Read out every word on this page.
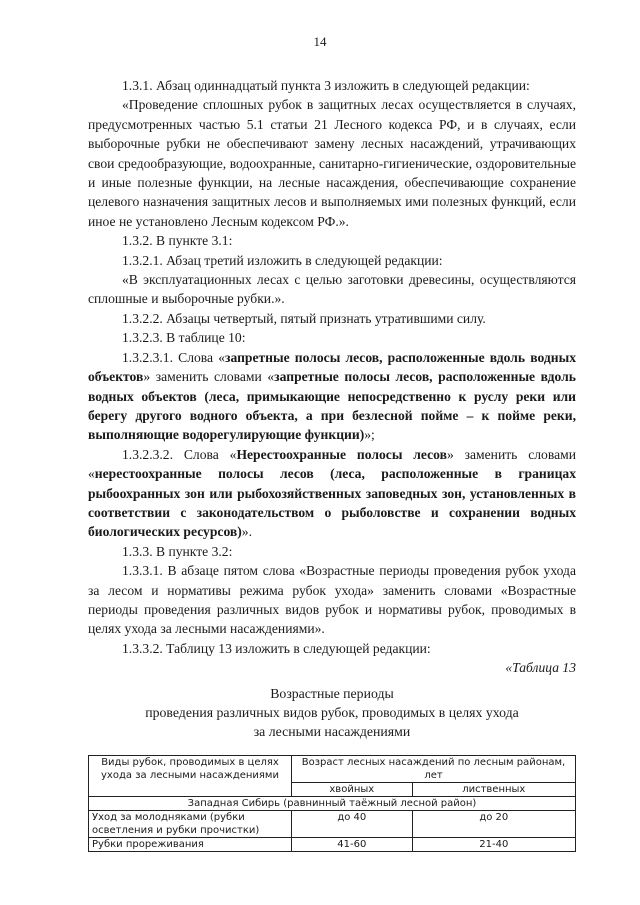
14

1.3.1. Абзац одиннадцатый пункта 3 изложить в следующей редакции:

«Проведение сплошных рубок в защитных лесах осуществляется в случаях, предусмотренных частью 5.1 статьи 21 Лесного кодекса РФ, и в случаях, если выборочные рубки не обеспечивают замену лесных насаждений, утрачивающих свои средообразующие, водоохранные, санитарно-гигиенические, оздоровительные и иные полезные функции, на лесные насаждения, обеспечивающие сохранение целевого назначения защитных лесов и выполняемых ими полезных функций, если иное не установлено Лесным кодексом РФ.».

1.3.2. В пункте 3.1:

1.3.2.1. Абзац третий изложить в следующей редакции:

«В эксплуатационных лесах с целью заготовки древесины, осуществляются сплошные и выборочные рубки.».

1.3.2.2. Абзацы четвертый, пятый признать утратившими силу.

1.3.2.3. В таблице 10:

1.3.2.3.1. Слова «запретные полосы лесов, расположенные вдоль водных объектов» заменить словами «запретные полосы лесов, расположенные вдоль водных объектов (леса, примыкающие непосредственно к руслу реки или берегу другого водного объекта, а при безлесной пойме – к пойме реки, выполняющие водорегулирующие функции)»;

1.3.2.3.2. Слова «Нерестоохранные полосы лесов» заменить словами «нерестоохранные полосы лесов (леса, расположенные в границах рыбоохранных зон или рыбохозяйственных заповедных зон, установленных в соответствии с законодательством о рыболовстве и сохранении водных биологических ресурсов)».

1.3.3. В пункте 3.2:

1.3.3.1. В абзаце пятом слова «Возрастные периоды проведения рубок ухода за лесом и нормативы режима рубок ухода» заменить словами «Возрастные периоды проведения различных видов рубок и нормативы рубок, проводимых в целях ухода за лесными насаждениями».

1.3.3.2. Таблицу 13 изложить в следующей редакции:

«Таблица 13

Возрастные периоды
проведения различных видов рубок, проводимых в целях ухода
за лесными насаждениями
Виды рубок, проводимых в целях ухода за лесными насаждениями	Возраст лесных насаждений по лесным районам, лет	
	хвойных	лиственных
Западная Сибирь (равнинный таёжный лесной район)		
Уход за молодняками (рубки осветления и рубки прочистки)	до 40	до 20
Рубки прореживания	41-60	21-40
